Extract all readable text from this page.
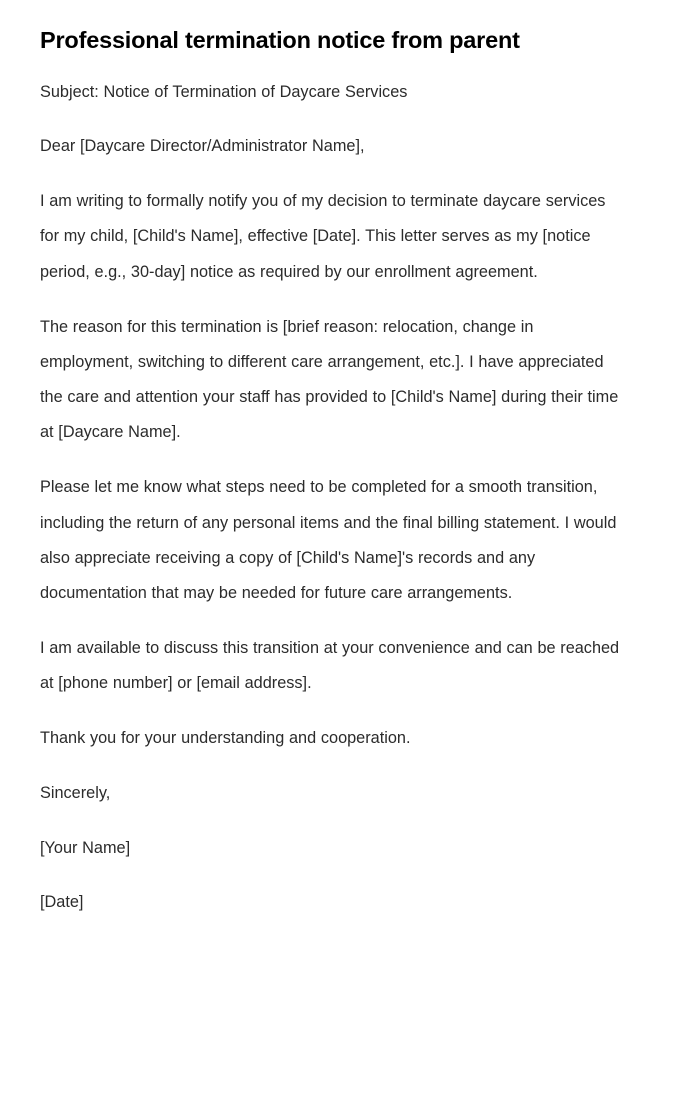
Professional termination notice from parent

Subject: Notice of Termination of Daycare Services

Dear [Daycare Director/Administrator Name],

I am writing to formally notify you of my decision to terminate daycare services for my child, [Child's Name], effective [Date]. This letter serves as my [notice period, e.g., 30-day] notice as required by our enrollment agreement.

The reason for this termination is [brief reason: relocation, change in employment, switching to different care arrangement, etc.]. I have appreciated the care and attention your staff has provided to [Child's Name] during their time at [Daycare Name].

Please let me know what steps need to be completed for a smooth transition, including the return of any personal items and the final billing statement. I would also appreciate receiving a copy of [Child's Name]'s records and any documentation that may be needed for future care arrangements.

I am available to discuss this transition at your convenience and can be reached at [phone number] or [email address].

Thank you for your understanding and cooperation.

Sincerely,

[Your Name]

[Date]
